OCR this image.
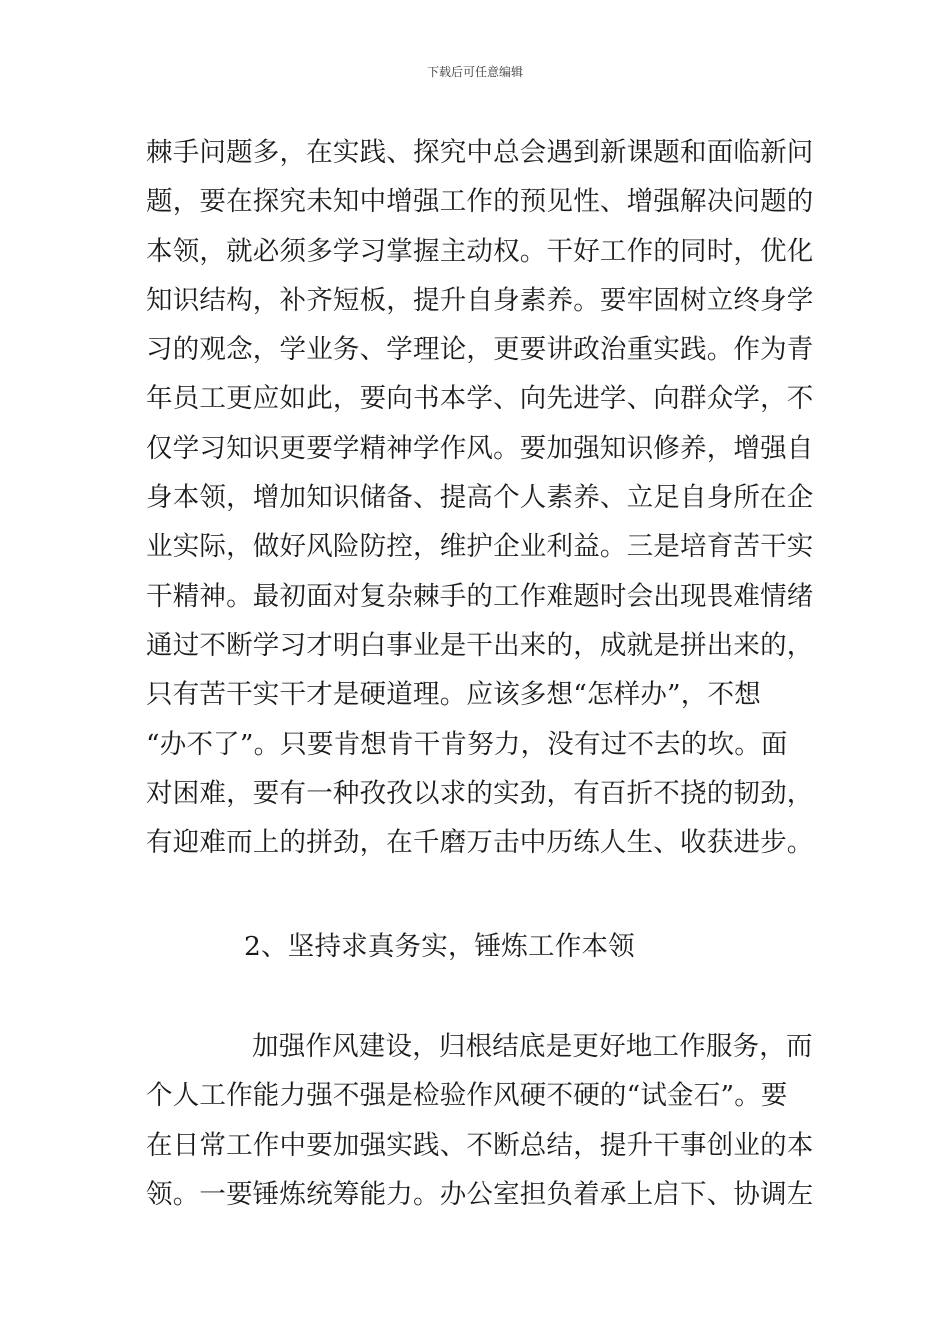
下载后可任意编辑
棘手问题多，在实践、探究中总会遇到新课题和面临新问
题，要在探究未知中增强工作的预见性、增强解决问题的
本领，就必须多学习掌握主动权。干好工作的同时，优化
知识结构，补齐短板，提升自身素养。要牢固树立终身学
习的观念，学业务、学理论，更要讲政治重实践。作为青
年员工更应如此，要向书本学、向先进学、向群众学，不
仅学习知识更要学精神学作风。要加强知识修养，增强自
身本领，增加知识储备、提高个人素养、立足自身所在企
业实际，做好风险防控，维护企业利益。三是培育苦干实
干精神。最初面对复杂棘手的工作难题时会出现畏难情绪
通过不断学习才明白事业是干出来的，成就是拼出来的，
只有苦干实干才是硬道理。应该多想“怎样办”，不想
“办不了”。只要肯想肯干肯努力，没有过不去的坎。面
对困难，要有一种孜孜以求的实劲，有百折不挠的韧劲，
有迎难而上的拼劲，在千磨万击中历练人生、收获进步。
2、坚持求真务实，锤炼工作本领
加强作风建设，归根结底是更好地工作服务，而
个人工作能力强不强是检验作风硬不硬的“试金石”。要
在日常工作中要加强实践、不断总结，提升干事创业的本
领。一要锤炼统筹能力。办公室担负着承上启下、协调左
